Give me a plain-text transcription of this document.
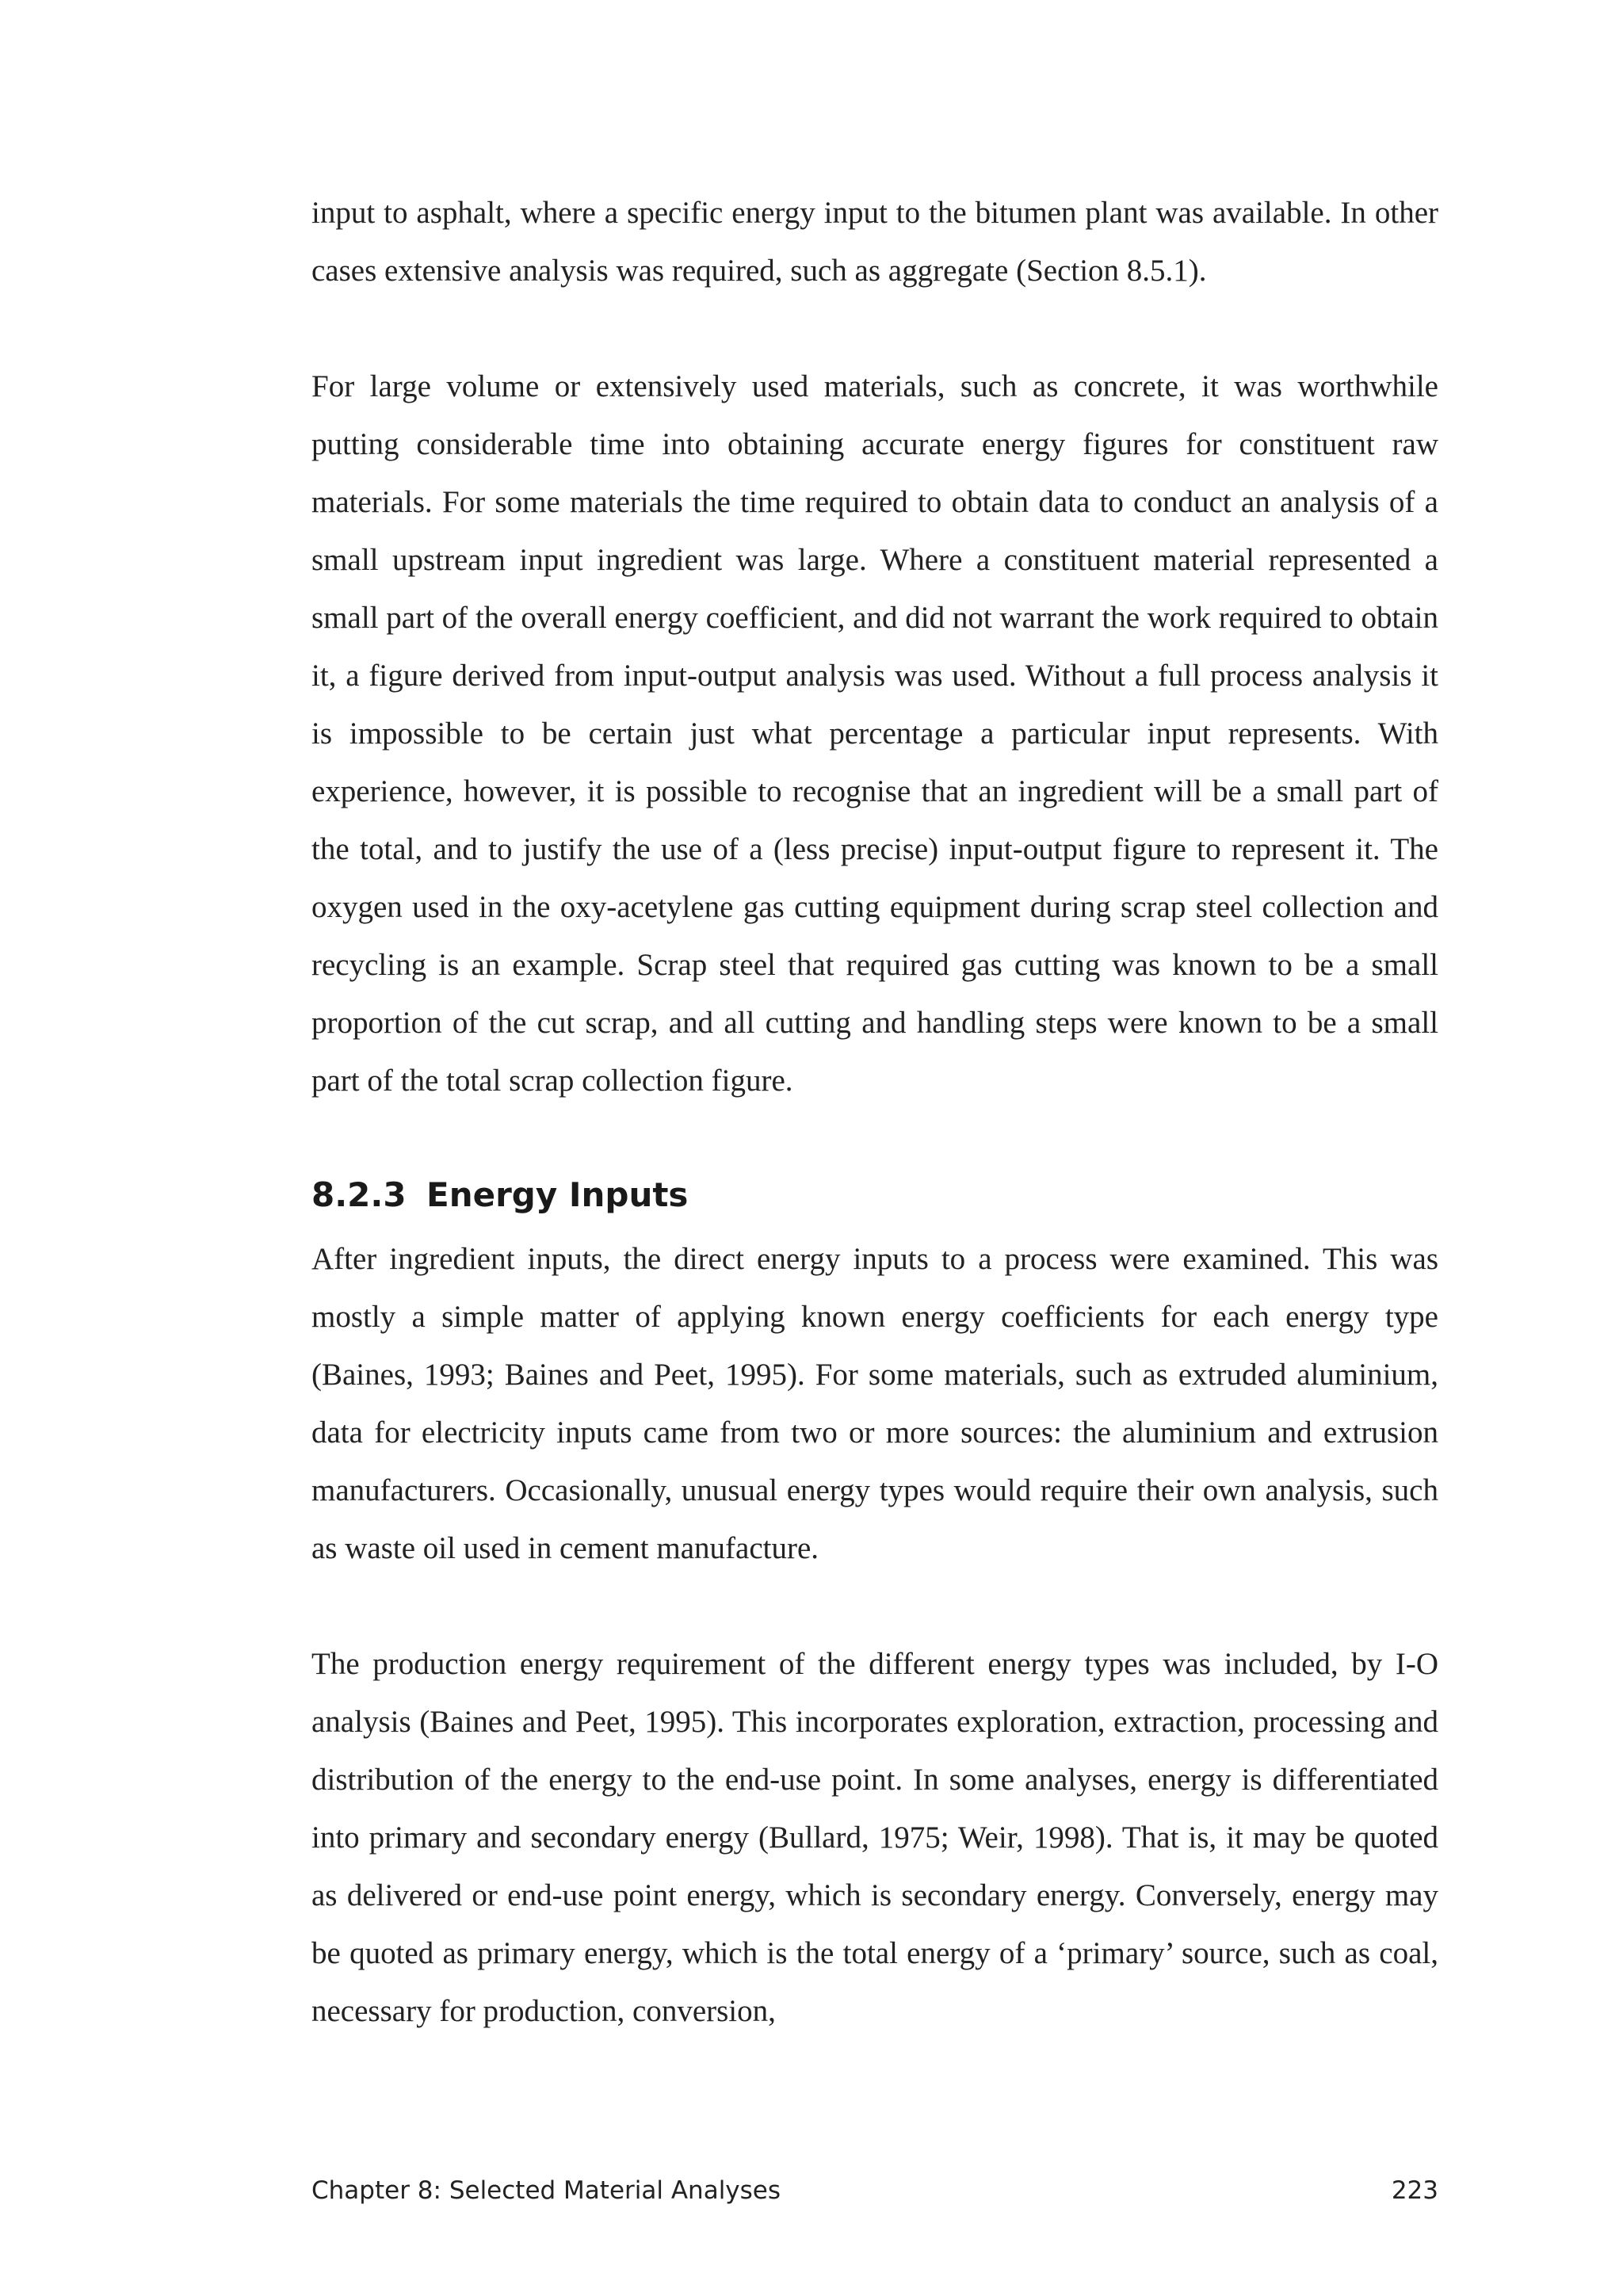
input to asphalt, where a specific energy input to the bitumen plant was available. In other cases extensive analysis was required, such as aggregate (Section 8.5.1).

For large volume or extensively used materials, such as concrete, it was worthwhile putting considerable time into obtaining accurate energy figures for constituent raw materials. For some materials the time required to obtain data to conduct an analysis of a small upstream input ingredient was large. Where a constituent material represented a small part of the overall energy coefficient, and did not warrant the work required to obtain it, a figure derived from input-output analysis was used. Without a full process analysis it is impossible to be certain just what percentage a particular input represents. With experience, however, it is possible to recognise that an ingredient will be a small part of the total, and to justify the use of a (less precise) input-output figure to represent it. The oxygen used in the oxy-acetylene gas cutting equipment during scrap steel collection and recycling is an example. Scrap steel that required gas cutting was known to be a small proportion of the cut scrap, and all cutting and handling steps were known to be a small part of the total scrap collection figure.

8.2.3 Energy Inputs

After ingredient inputs, the direct energy inputs to a process were examined. This was mostly a simple matter of applying known energy coefficients for each energy type (Baines, 1993; Baines and Peet, 1995). For some materials, such as extruded aluminium, data for electricity inputs came from two or more sources: the aluminium and extrusion manufacturers. Occasionally, unusual energy types would require their own analysis, such as waste oil used in cement manufacture.

The production energy requirement of the different energy types was included, by I-O analysis (Baines and Peet, 1995). This incorporates exploration, extraction, processing and distribution of the energy to the end-use point. In some analyses, energy is differentiated into primary and secondary energy (Bullard, 1975; Weir, 1998). That is, it may be quoted as delivered or end-use point energy, which is secondary energy. Conversely, energy may be quoted as primary energy, which is the total energy of a ‘primary’ source, such as coal, necessary for production, conversion,

Chapter 8: Selected Material Analyses	223
